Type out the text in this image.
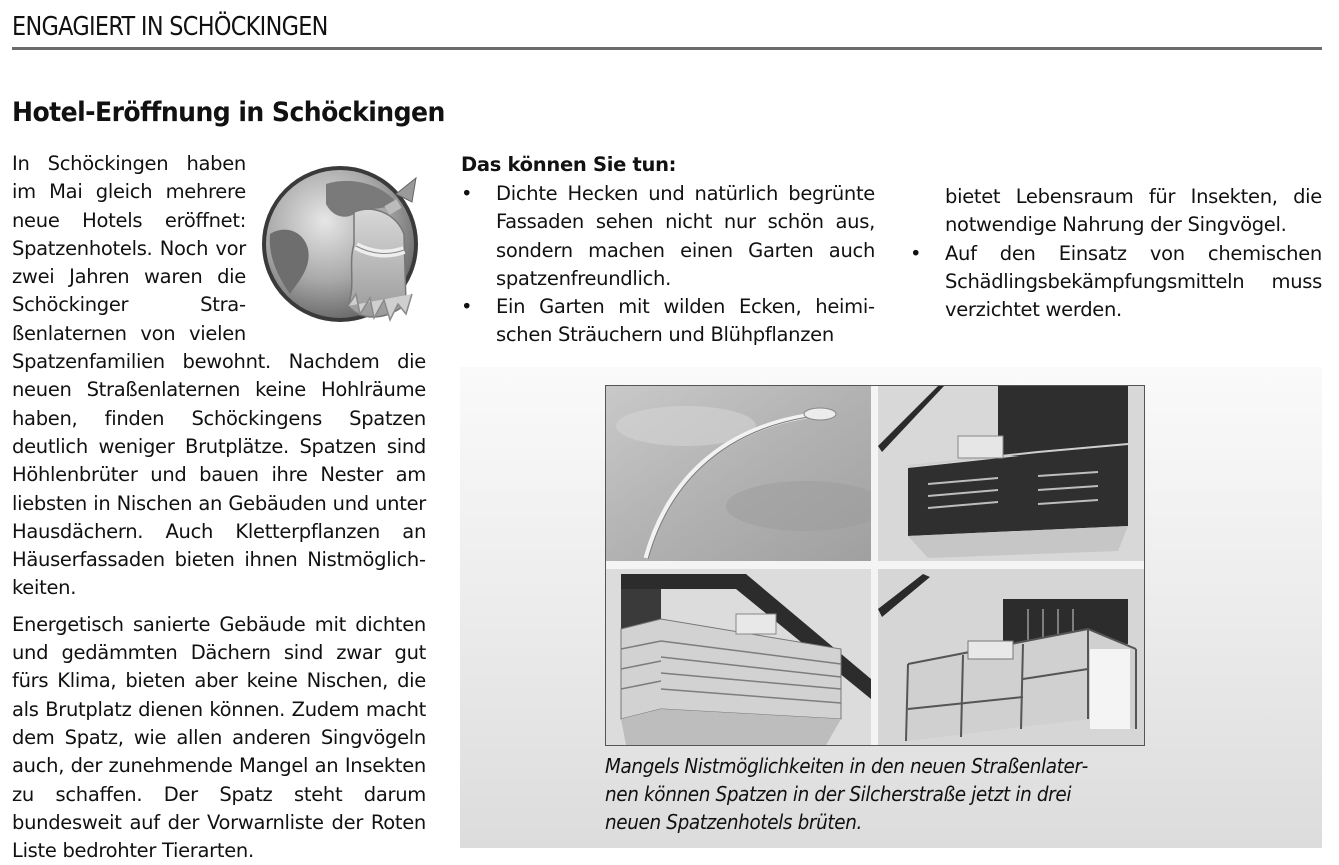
ENGAGIERT IN SCHÖCKINGEN
Hotel-Eröffnung in Schöckingen

In Schöckingen haben im Mai gleich mehrere neue Hotels eröffnet: Spatzenhotels. Noch vor zwei Jahren waren die Schöckinger Straßenlaternen von vielen Spatzenfamilien bewohnt. Nachdem die neuen Straßenlaternen keine Hohlräume haben, finden Schöckingens Spatzen deutlich weniger Brutplätze. Spatzen sind Höhlenbrüter und bauen ihre Nester am liebsten in Nischen an Gebäuden und unter Hausdächern. Auch Kletterpflanzen an Häuserfassaden bieten ihnen Nistmöglichkeiten.

Energetisch sanierte Gebäude mit dichten und gedämmten Dächern sind zwar gut fürs Klima, bieten aber keine Nischen, die als Brutplatz dienen können. Zudem macht dem Spatz, wie allen anderen Singvögeln auch, der zunehmende Mangel an Insekten zu schaffen. Der Spatz steht darum bundesweit auf der Vorwarnliste der Roten Liste bedrohter Tierarten.

Das können Sie tun:
• Dichte Hecken und natürlich begrünte Fassaden sehen nicht nur schön aus, sondern machen einen Garten auch spatzenfreundlich.
• Ein Garten mit wilden Ecken, heimischen Sträuchern und Blühpflanzen
bietet Lebensraum für Insekten, die notwendige Nahrung der Singvögel.
• Auf den Einsatz von chemischen Schädlingsbekämpfungsmitteln muss verzichtet werden.
Mangels Nistmöglichkeiten in den neuen Straßenlaternen können Spatzen in der Silcherstraße jetzt in drei neuen Spatzenhotels brüten.
